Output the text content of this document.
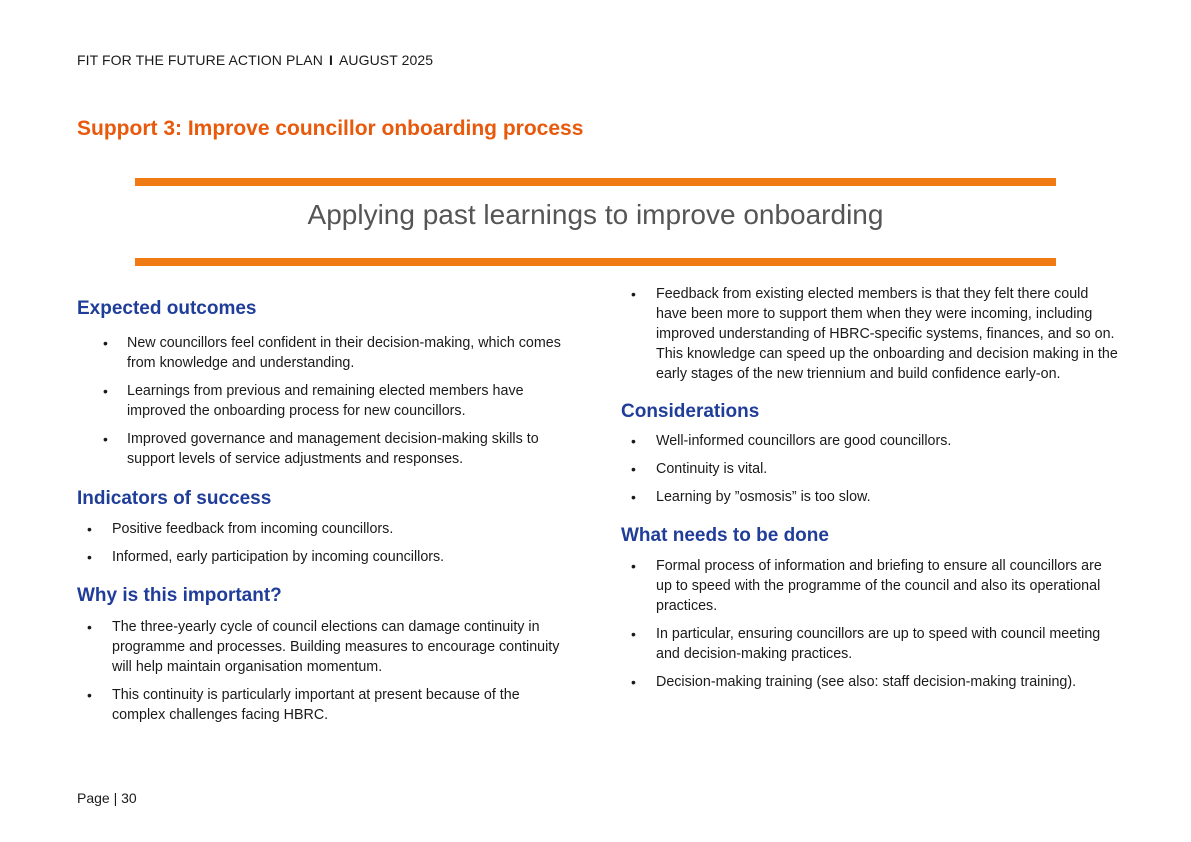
FIT FOR THE FUTURE ACTION PLAN I AUGUST 2025
Support 3: Improve councillor onboarding process
Applying past learnings to improve onboarding
Expected outcomes
• New councillors feel confident in their decision-making, which comes from knowledge and understanding.
• Learnings from previous and remaining elected members have improved the onboarding process for new councillors.
• Improved governance and management decision-making skills to support levels of service adjustments and responses.
Indicators of success
• Positive feedback from incoming councillors.
• Informed, early participation by incoming councillors.
Why is this important?
• The three-yearly cycle of council elections can damage continuity in programme and processes. Building measures to encourage continuity will help maintain organisation momentum.
• This continuity is particularly important at present because of the complex challenges facing HBRC.
• Feedback from existing elected members is that they felt there could have been more to support them when they were incoming, including improved understanding of HBRC-specific systems, finances, and so on. This knowledge can speed up the onboarding and decision making in the early stages of the new triennium and build confidence early-on.
Considerations
• Well-informed councillors are good councillors.
• Continuity is vital.
• Learning by ”osmosis” is too slow.
What needs to be done
• Formal process of information and briefing to ensure all councillors are up to speed with the programme of the council and also its operational practices.
• In particular, ensuring councillors are up to speed with council meeting and decision-making practices.
• Decision-making training (see also: staff decision-making training).
Page | 30
